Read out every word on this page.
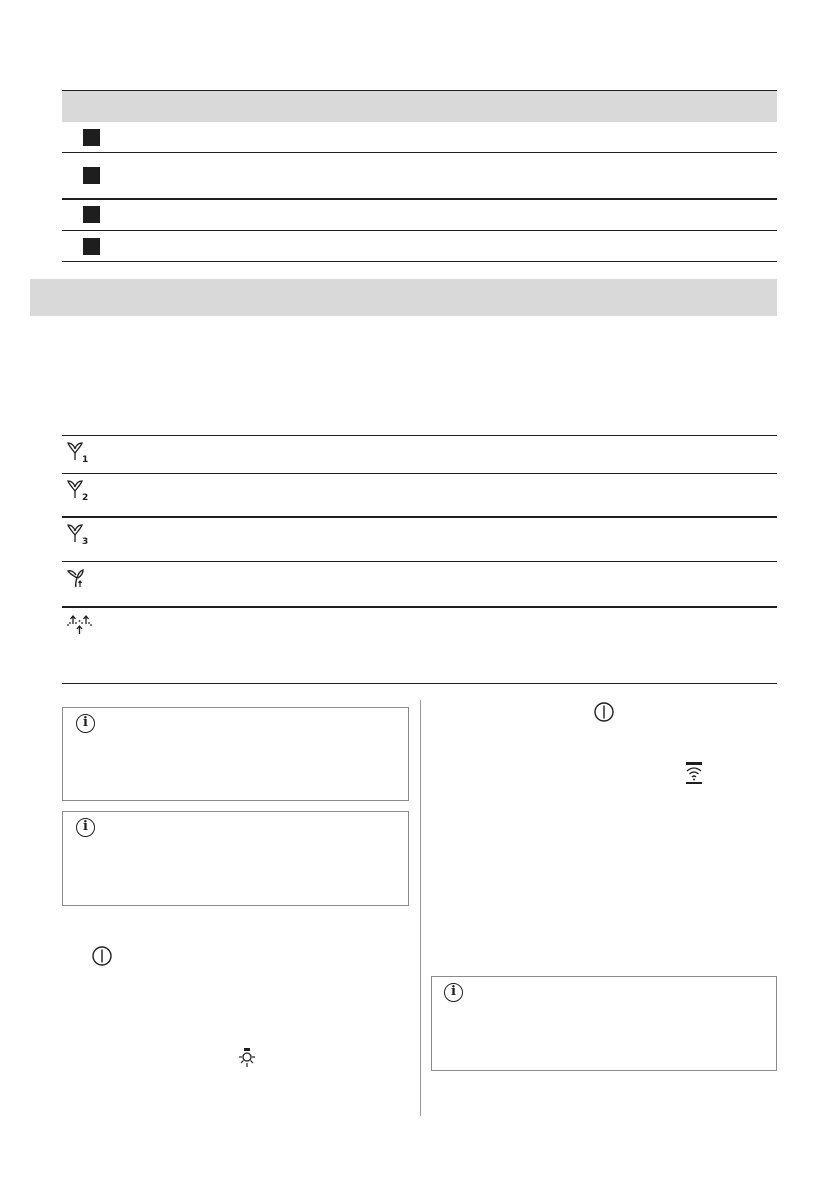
1
2
3
i
i
i
